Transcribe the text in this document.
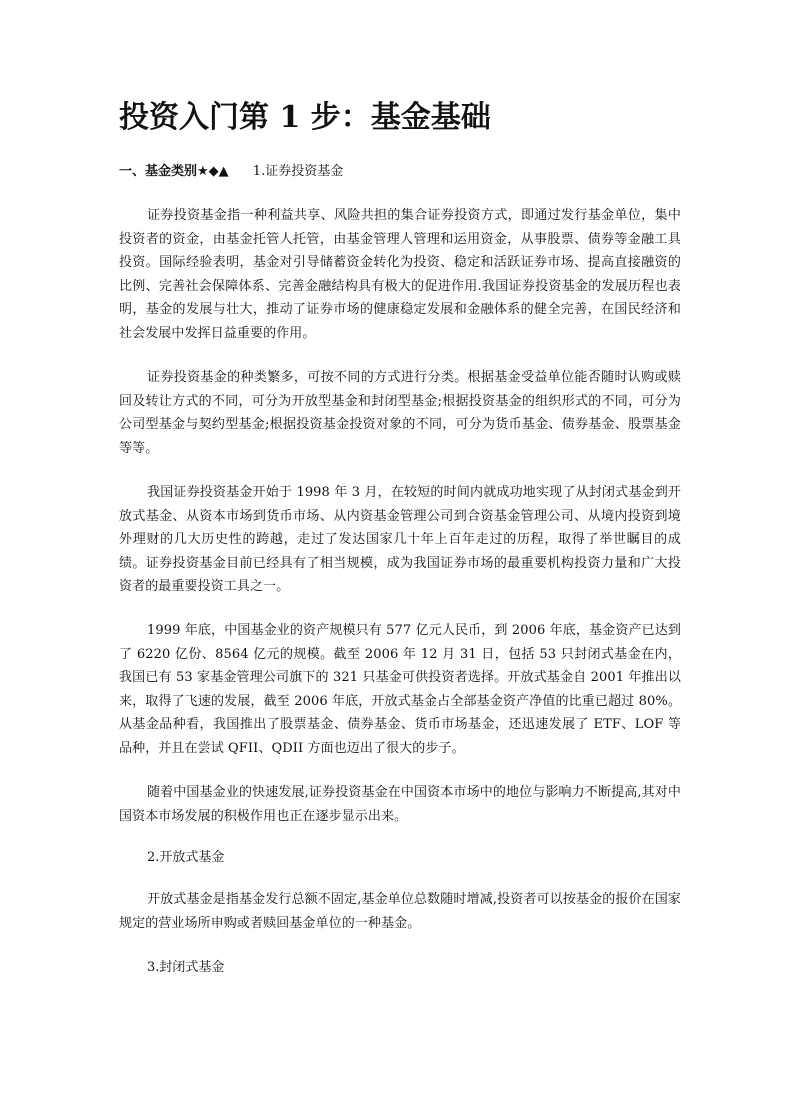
投资入门第 1 步：基金基础
一、基金类别★◆▲ 1.证券投资基金

证券投资基金指一种利益共享、风险共担的集合证券投资方式，即通过发行基金单位，集中投资者的资金，由基金托管人托管，由基金管理人管理和运用资金，从事股票、债券等金融工具投资。国际经验表明，基金对引导储蓄资金转化为投资、稳定和活跃证券市场、提高直接融资的比例、完善社会保障体系、完善金融结构具有极大的促进作用.我国证券投资基金的发展历程也表明，基金的发展与壮大，推动了证券市场的健康稳定发展和金融体系的健全完善，在国民经济和社会发展中发挥日益重要的作用。

证券投资基金的种类繁多，可按不同的方式进行分类。根据基金受益单位能否随时认购或赎回及转让方式的不同，可分为开放型基金和封闭型基金;根据投资基金的组织形式的不同，可分为公司型基金与契约型基金;根据投资基金投资对象的不同，可分为货币基金、债券基金、股票基金等等。

我国证券投资基金开始于 1998 年 3 月，在较短的时间内就成功地实现了从封闭式基金到开放式基金、从资本市场到货币市场、从内资基金管理公司到合资基金管理公司、从境内投资到境外理财的几大历史性的跨越，走过了发达国家几十年上百年走过的历程，取得了举世瞩目的成绩。证券投资基金目前已经具有了相当规模，成为我国证券市场的最重要机构投资力量和广大投资者的最重要投资工具之一。

1999 年底，中国基金业的资产规模只有 577 亿元人民币，到 2006 年底，基金资产已达到了 6220 亿份、8564 亿元的规模。截至 2006 年 12 月 31 日，包括 53 只封闭式基金在内，我国已有 53 家基金管理公司旗下的 321 只基金可供投资者选择。开放式基金自 2001 年推出以来，取得了飞速的发展，截至 2006 年底，开放式基金占全部基金资产净值的比重已超过 80%。从基金品种看，我国推出了股票基金、债券基金、货币市场基金，还迅速发展了 ETF、LOF 等品种，并且在尝试 QFII、QDII 方面也迈出了很大的步子。

随着中国基金业的快速发展,证券投资基金在中国资本市场中的地位与影响力不断提高,其对中国资本市场发展的积极作用也正在逐步显示出来。

2.开放式基金

开放式基金是指基金发行总额不固定,基金单位总数随时增减,投资者可以按基金的报价在国家规定的营业场所申购或者赎回基金单位的一种基金。

3.封闭式基金
